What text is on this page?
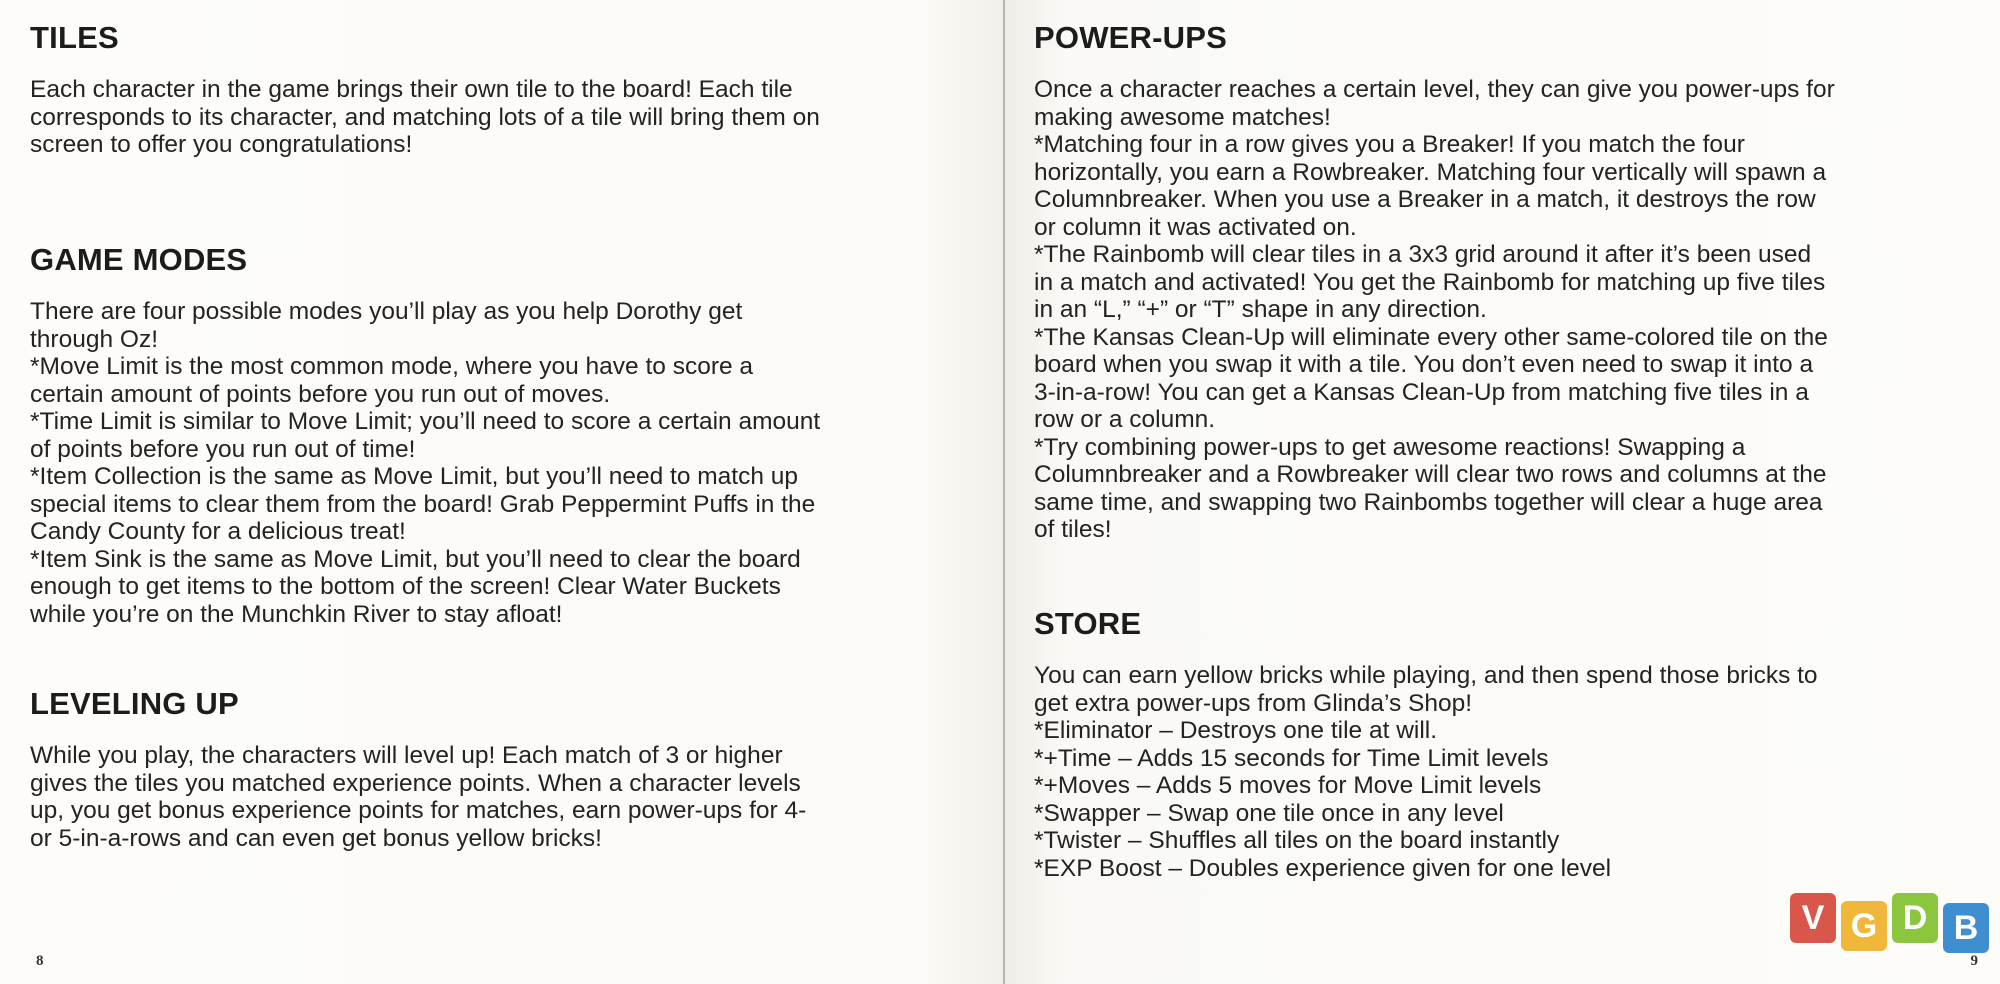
TILES
Each character in the game brings their own tile to the board! Each tile
corresponds to its character, and matching lots of a tile will bring them on
screen to offer you congratulations!
GAME MODES
There are four possible modes you’ll play as you help Dorothy get
through Oz!
*Move Limit is the most common mode, where you have to score a
certain amount of points before you run out of moves.
*Time Limit is similar to Move Limit; you’ll need to score a certain amount
of points before you run out of time!
*Item Collection is the same as Move Limit, but you’ll need to match up
special items to clear them from the board! Grab Peppermint Puffs in the
Candy County for a delicious treat!
*Item Sink is the same as Move Limit, but you’ll need to clear the board
enough to get items to the bottom of the screen! Clear Water Buckets
while you’re on the Munchkin River to stay afloat!
LEVELING UP
While you play, the characters will level up! Each match of 3 or higher
gives the tiles you matched experience points. When a character levels
up, you get bonus experience points for matches, earn power-ups for 4-
or 5-in-a-rows and can even get bonus yellow bricks!
8
POWER-UPS
Once a character reaches a certain level, they can give you power-ups for
making awesome matches!
*Matching four in a row gives you a Breaker! If you match the four
horizontally, you earn a Rowbreaker. Matching four vertically will spawn a
Columnbreaker. When you use a Breaker in a match, it destroys the row
or column it was activated on.
*The Rainbomb will clear tiles in a 3x3 grid around it after it’s been used
in a match and activated! You get the Rainbomb for matching up five tiles
in an “L,” “+” or “T” shape in any direction.
*The Kansas Clean-Up will eliminate every other same-colored tile on the
board when you swap it with a tile. You don’t even need to swap it into a
3-in-a-row! You can get a Kansas Clean-Up from matching five tiles in a
row or a column.
*Try combining power-ups to get awesome reactions! Swapping a
Columnbreaker and a Rowbreaker will clear two rows and columns at the
same time, and swapping two Rainbombs together will clear a huge area
of tiles!
STORE
You can earn yellow bricks while playing, and then spend those bricks to
get extra power-ups from Glinda’s Shop!
*Eliminator – Destroys one tile at will.
*+Time – Adds 15 seconds for Time Limit levels
*+Moves – Adds 5 moves for Move Limit levels
*Swapper – Swap one tile once in any level
*Twister – Shuffles all tiles on the board instantly
*EXP Boost – Doubles experience given for one level
9
V G D B
